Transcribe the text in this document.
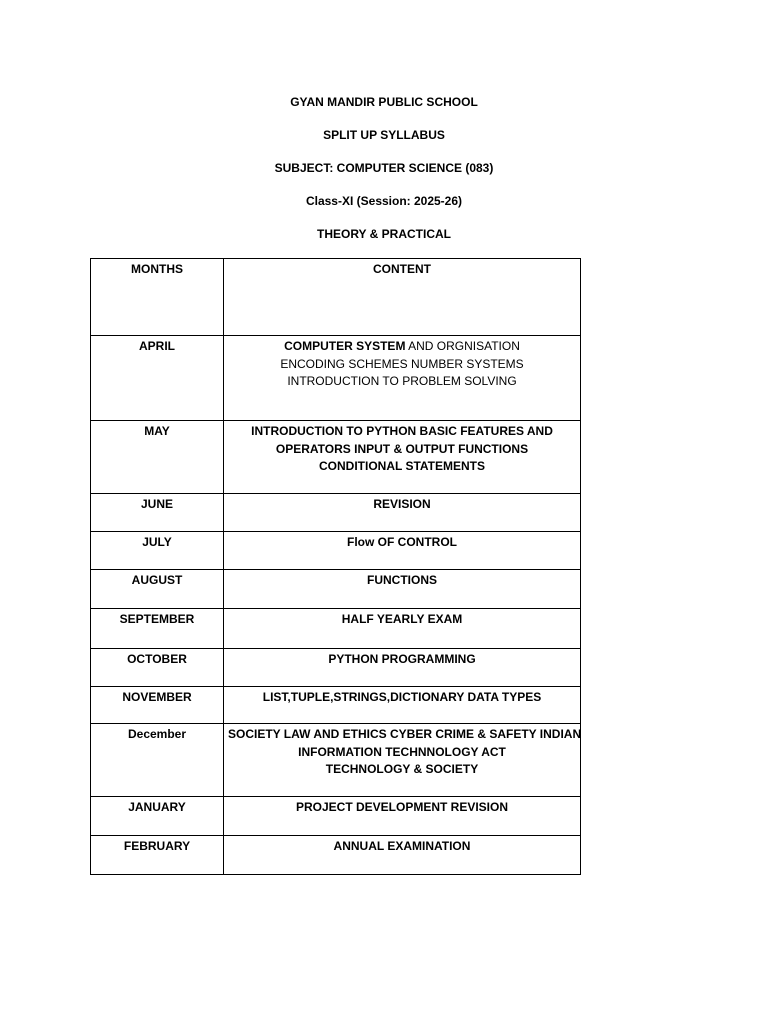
GYAN MANDIR PUBLIC SCHOOL
SPLIT UP SYLLABUS
SUBJECT: COMPUTER SCIENCE (083)
Class-XI (Session: 2025-26)
THEORY & PRACTICAL
MONTHS	CONTENT
APRIL	COMPUTER SYSTEM AND ORGNISATION
ENCODING SCHEMES NUMBER SYSTEMS
INTRODUCTION TO PROBLEM SOLVING

MAY	INTRODUCTION TO PYTHON BASIC FEATURES AND
OPERATORS INPUT & OUTPUT FUNCTIONS
CONDITIONAL STATEMENTS

JUNE	REVISION

JULY	Flow OF CONTROL

AUGUST	FUNCTIONS

SEPTEMBER	HALF YEARLY EXAM

OCTOBER	PYTHON PROGRAMMING

NOVEMBER	LIST,TUPLE,STRINGS,DICTIONARY DATA TYPES

December	SOCIETY LAW AND ETHICS CYBER CRIME & SAFETY INDIAN
INFORMATION TECHNNOLOGY ACT
TECHNOLOGY & SOCIETY

JANUARY	PROJECT DEVELOPMENT REVISION

FEBRUARY	ANNUAL EXAMINATION
